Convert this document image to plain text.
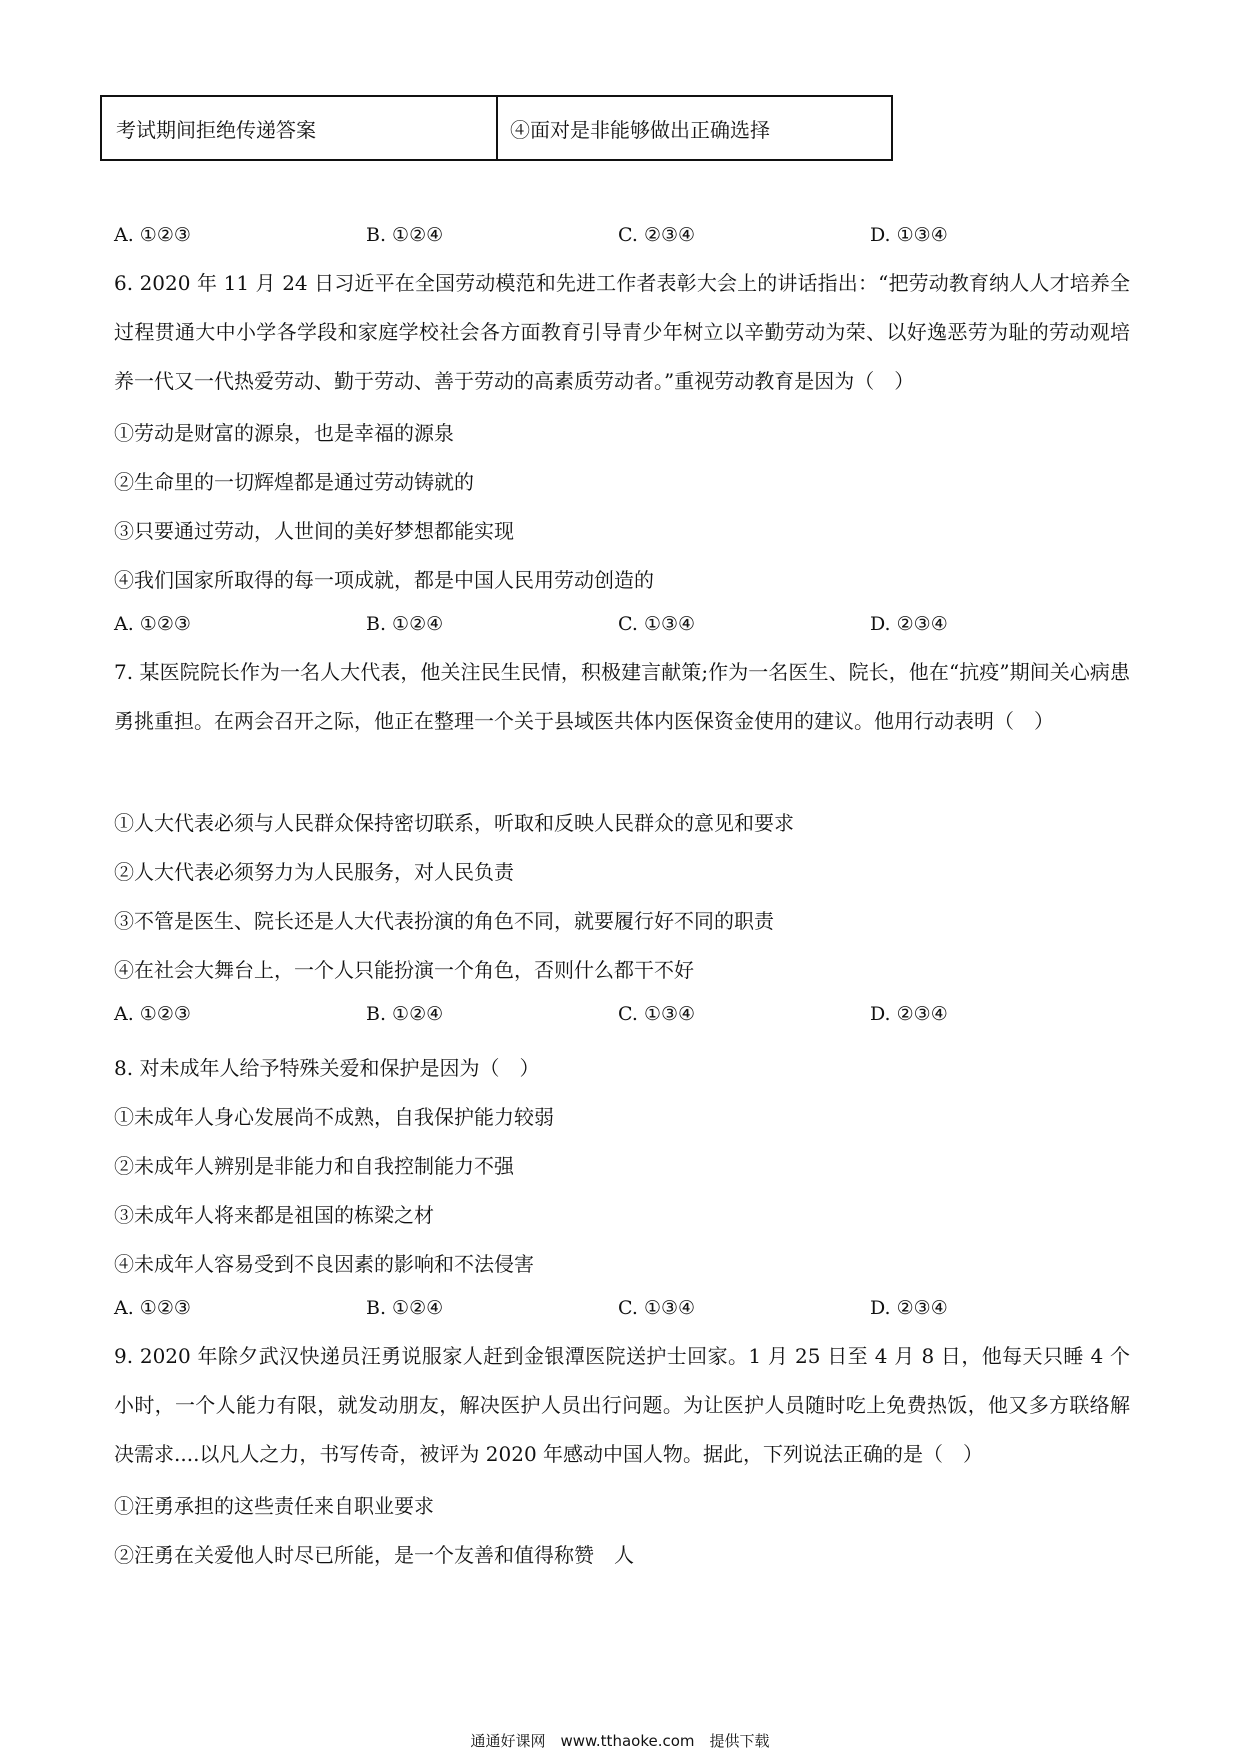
考试期间拒绝传递答案	④面对是非能够做出正确选择
A. ①②③	B. ①②④	C. ②③④	D. ①③④
6. 2020 年 11 月 24 日习近平在全国劳动模范和先进工作者表彰大会上的讲话指出：“把劳动教育纳人人才培养全过程贯通大中小学各学段和家庭学校社会各方面教育引导青少年树立以辛勤劳动为荣、以好逸恶劳为耻的劳动观培养一代又一代热爱劳动、勤于劳动、善于劳动的高素质劳动者。”重视劳动教育是因为（　）
①劳动是财富的源泉，也是幸福的源泉
②生命里的一切辉煌都是通过劳动铸就的
③只要通过劳动，人世间的美好梦想都能实现
④我们国家所取得的每一项成就，都是中国人民用劳动创造的
A. ①②③	B. ①②④	C. ①③④	D. ②③④
7. 某医院院长作为一名人大代表，他关注民生民情，积极建言献策;作为一名医生、院长，他在“抗疫”期间关心病患勇挑重担。在两会召开之际，他正在整理一个关于县域医共体内医保资金使用的建议。他用行动表明（　）
①人大代表必须与人民群众保持密切联系，听取和反映人民群众的意见和要求
②人大代表必须努力为人民服务，对人民负责
③不管是医生、院长还是人大代表扮演的角色不同，就要履行好不同的职责
④在社会大舞台上，一个人只能扮演一个角色，否则什么都干不好
A. ①②③	B. ①②④	C. ①③④	D. ②③④
8. 对未成年人给予特殊关爱和保护是因为（　）
①未成年人身心发展尚不成熟，自我保护能力较弱
②未成年人辨别是非能力和自我控制能力不强
③未成年人将来都是祖国的栋梁之材
④未成年人容易受到不良因素的影响和不法侵害
A. ①②③	B. ①②④	C. ①③④	D. ②③④
9. 2020 年除夕武汉快递员汪勇说服家人赶到金银潭医院送护士回家。1 月 25 日至 4 月 8 日，他每天只睡 4 个小时，一个人能力有限，就发动朋友，解决医护人员出行问题。为让医护人员随时吃上免费热饭，他又多方联络解决需求....以凡人之力，书写传奇，被评为 2020 年感动中国人物。据此，下列说法正确的是（　）
①汪勇承担的这些责任来自职业要求
②汪勇在关爱他人时尽已所能，是一个友善和值得称赞　人
通通好课网　www.tthaoke.com　提供下载
